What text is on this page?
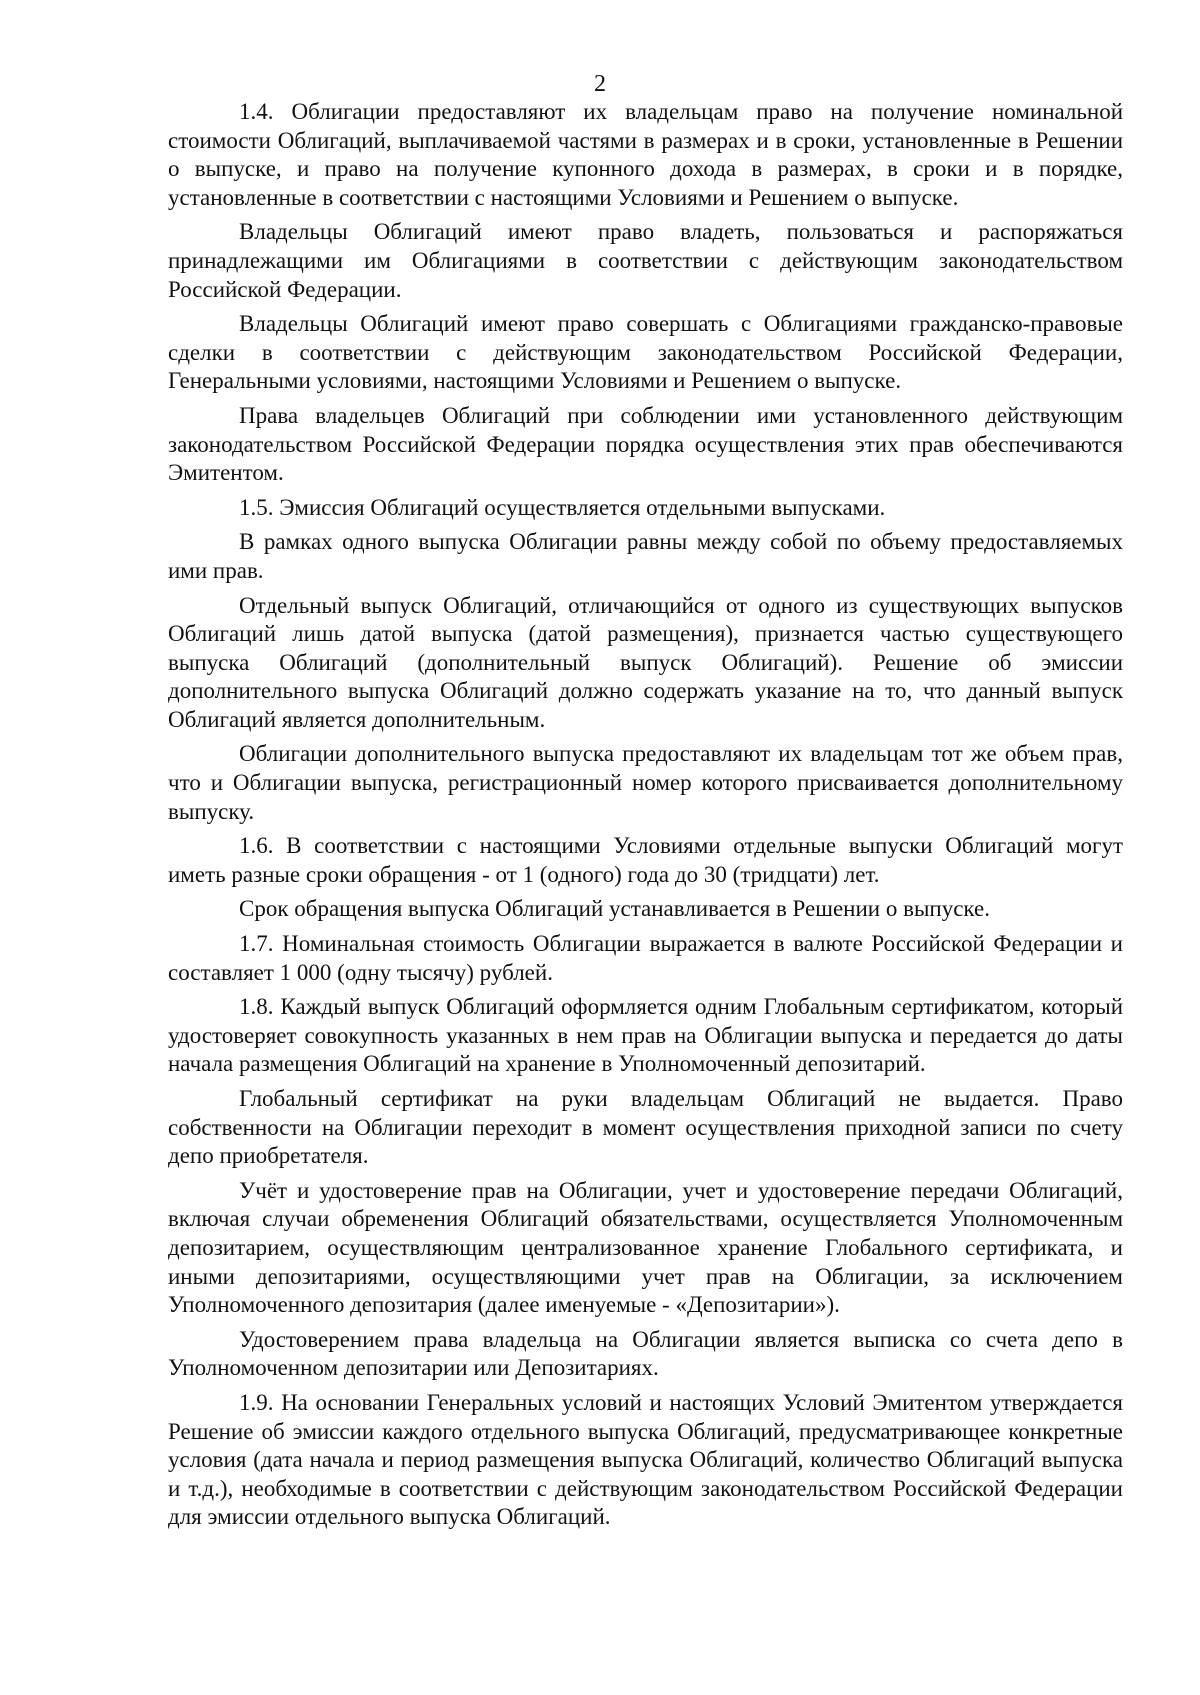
2

1.4. Облигации предоставляют их владельцам право на получение номинальной стоимости Облигаций, выплачиваемой частями в размерах и в сроки, установленные в Решении о выпуске, и право на получение купонного дохода в размерах, в сроки и в порядке, установленные в соответствии с настоящими Условиями и Решением о выпуске.

Владельцы Облигаций имеют право владеть, пользоваться и распоряжаться принадлежащими им Облигациями в соответствии с действующим законодательством Российской Федерации.

Владельцы Облигаций имеют право совершать с Облигациями гражданско-правовые сделки в соответствии с действующим законодательством Российской Федерации, Генеральными условиями, настоящими Условиями и Решением о выпуске.

Права владельцев Облигаций при соблюдении ими установленного действующим законодательством Российской Федерации порядка осуществления этих прав обеспечиваются Эмитентом.

1.5. Эмиссия Облигаций осуществляется отдельными выпусками.

В рамках одного выпуска Облигации равны между собой по объему предоставляемых ими прав.

Отдельный выпуск Облигаций, отличающийся от одного из существующих выпусков Облигаций лишь датой выпуска (датой размещения), признается частью существующего выпуска Облигаций (дополнительный выпуск Облигаций). Решение об эмиссии дополнительного выпуска Облигаций должно содержать указание на то, что данный выпуск Облигаций является дополнительным.

Облигации дополнительного выпуска предоставляют их владельцам тот же объем прав, что и Облигации выпуска, регистрационный номер которого присваивается дополнительному выпуску.

1.6. В соответствии с настоящими Условиями отдельные выпуски Облигаций могут иметь разные сроки обращения - от 1 (одного) года до 30 (тридцати) лет.

Срок обращения выпуска Облигаций устанавливается в Решении о выпуске.

1.7. Номинальная стоимость Облигации выражается в валюте Российской Федерации и составляет 1 000 (одну тысячу) рублей.

1.8. Каждый выпуск Облигаций оформляется одним Глобальным сертификатом, который удостоверяет совокупность указанных в нем прав на Облигации выпуска и передается до даты начала размещения Облигаций на хранение в Уполномоченный депозитарий.

Глобальный сертификат на руки владельцам Облигаций не выдается. Право собственности на Облигации переходит в момент осуществления приходной записи по счету депо приобретателя.

Учёт и удостоверение прав на Облигации, учет и удостоверение передачи Облигаций, включая случаи обременения Облигаций обязательствами, осуществляется Уполномоченным депозитарием, осуществляющим централизованное хранение Глобального сертификата, и иными депозитариями, осуществляющими учет прав на Облигации, за исключением Уполномоченного депозитария (далее именуемые - «Депозитарии»).

Удостоверением права владельца на Облигации является выписка со счета депо в Уполномоченном депозитарии или Депозитариях.

1.9. На основании Генеральных условий и настоящих Условий Эмитентом утверждается Решение об эмиссии каждого отдельного выпуска Облигаций, предусматривающее конкретные условия (дата начала и период размещения выпуска Облигаций, количество Облигаций выпуска и т.д.), необходимые в соответствии с действующим законодательством Российской Федерации для эмиссии отдельного выпуска Облигаций.
